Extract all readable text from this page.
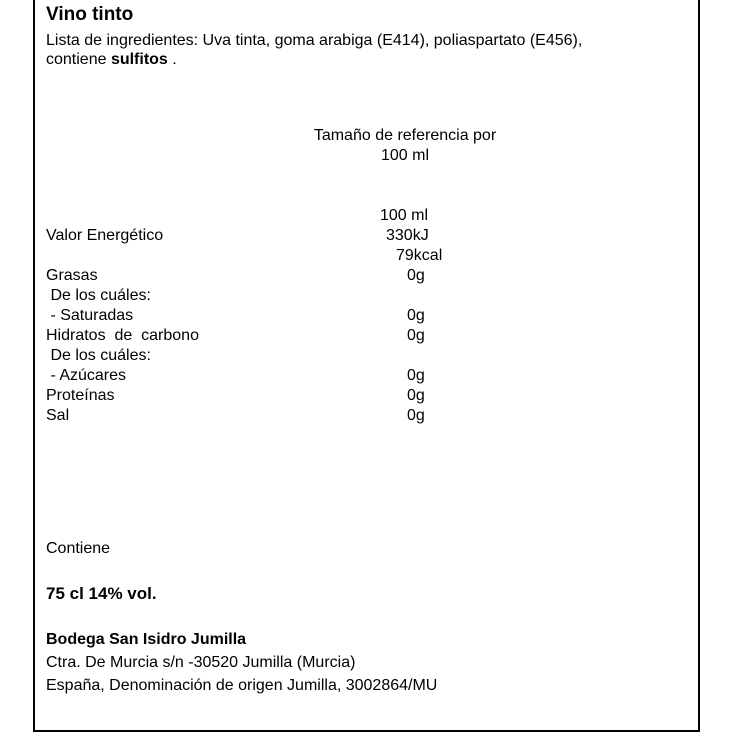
Vino tinto
Lista de ingredientes: Uva tinta, goma arabiga (E414), poliaspartato (E456),
contiene sulfitos .
Tamaño de referencia por
100 ml
100 ml
Valor Energético	330kJ
79kcal
Grasas	0g
De los cuáles:
- Saturadas	0g
Hidratos  de  carbono	0g
De los cuáles:
- Azúcares	0g
Proteínas	0g
Sal	0g
Contiene
75 cl 14% vol.
Bodega San Isidro Jumilla
Ctra. De Murcia s/n -30520 Jumilla (Murcia)
España, Denominación de origen Jumilla, 3002864/MU
